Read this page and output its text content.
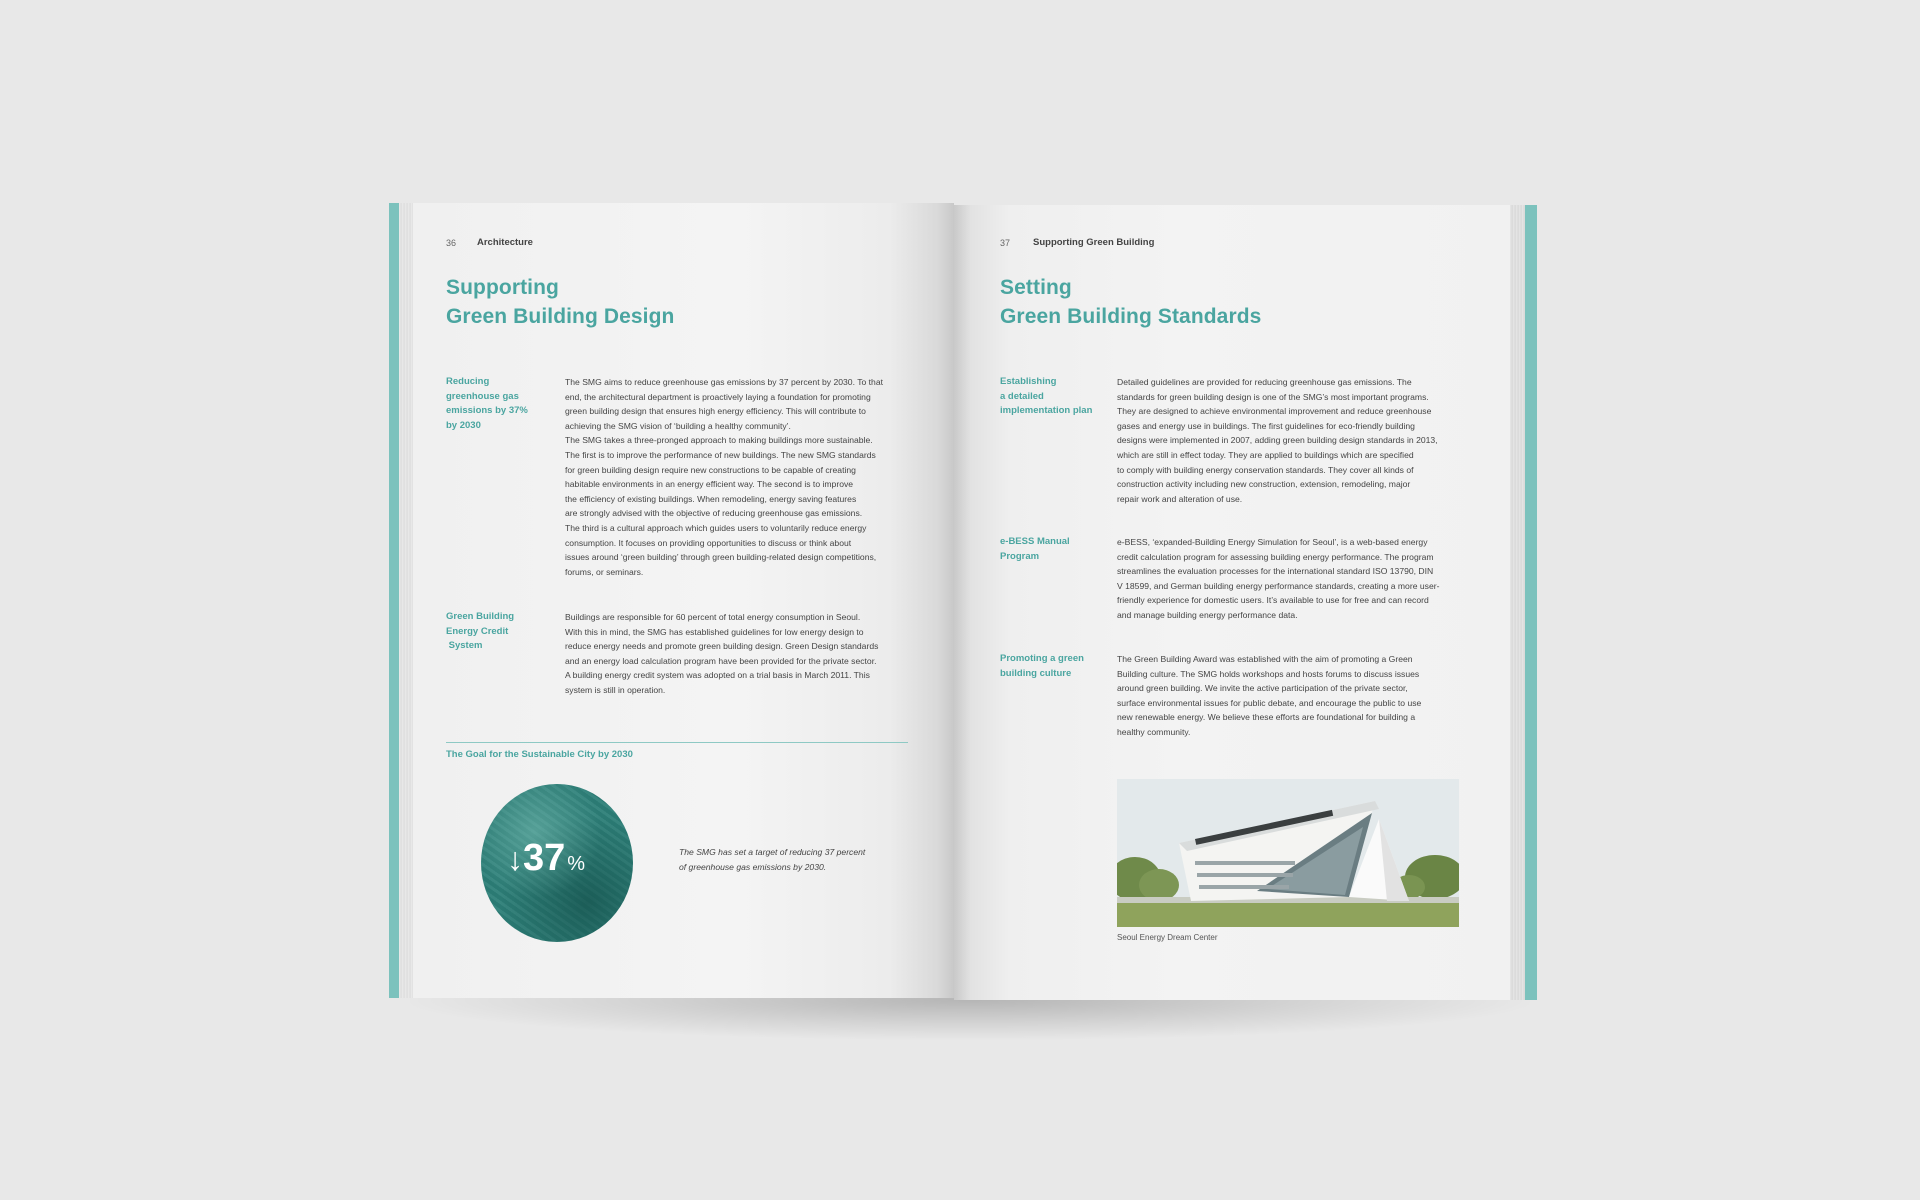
36 Architecture
Supporting
Green Building Design
Reducing
greenhouse gas
emissions by 37%
by 2030

The SMG aims to reduce greenhouse gas emissions by 37 percent by 2030. To that

end, the architectural department is proactively laying a foundation for promoting

green building design that ensures high energy efficiency. This will contribute to

achieving the SMG vision of ‘building a healthy community’.

The SMG takes a three-pronged approach to making buildings more sustainable.

The first is to improve the performance of new buildings. The new SMG standards

for green building design require new constructions to be capable of creating

habitable environments in an energy efficient way. The second is to improve

the efficiency of existing buildings. When remodeling, energy saving features

are strongly advised with the objective of reducing greenhouse gas emissions.

The third is a cultural approach which guides users to voluntarily reduce energy

consumption. It focuses on providing opportunities to discuss or think about

issues around ‘green building’ through green building-related design competitions,

forums, or seminars.

Green Building
Energy Credit
System

Buildings are responsible for 60 percent of total energy consumption in Seoul.

With this in mind, the SMG has established guidelines for low energy design to

reduce energy needs and promote green building design. Green Design standards

and an energy load calculation program have been provided for the private sector.

A building energy credit system was adopted on a trial basis in March 2011. This

system is still in operation.

The Goal for the Sustainable City by 2030
↓37 %
The SMG has set a target of reducing 37 percent
of greenhouse gas emissions by 2030.
37 Supporting Green Building
Setting
Green Building Standards
Establishing
a detailed
implementation plan

Detailed guidelines are provided for reducing greenhouse gas emissions. The

standards for green building design is one of the SMG’s most important programs.

They are designed to achieve environmental improvement and reduce greenhouse

gases and energy use in buildings. The first guidelines for eco-friendly building

designs were implemented in 2007, adding green building design standards in 2013,

which are still in effect today. They are applied to buildings which are specified

to comply with building energy conservation standards. They cover all kinds of

construction activity including new construction, extension, remodeling, major

repair work and alteration of use.

e-BESS Manual
Program

e-BESS, ‘expanded-Building Energy Simulation for Seoul’, is a web-based energy

credit calculation program for assessing building energy performance. The program

streamlines the evaluation processes for the international standard ISO 13790, DIN

V 18599, and German building energy performance standards, creating a more user-

friendly experience for domestic users. It’s available to use for free and can record

and manage building energy performance data.

Promoting a green
building culture

The Green Building Award was established with the aim of promoting a Green

Building culture. The SMG holds workshops and hosts forums to discuss issues

around green building. We invite the active participation of the private sector,

surface environmental issues for public debate, and encourage the public to use

new renewable energy. We believe these efforts are foundational for building a

healthy community.

Seoul Energy Dream Center
